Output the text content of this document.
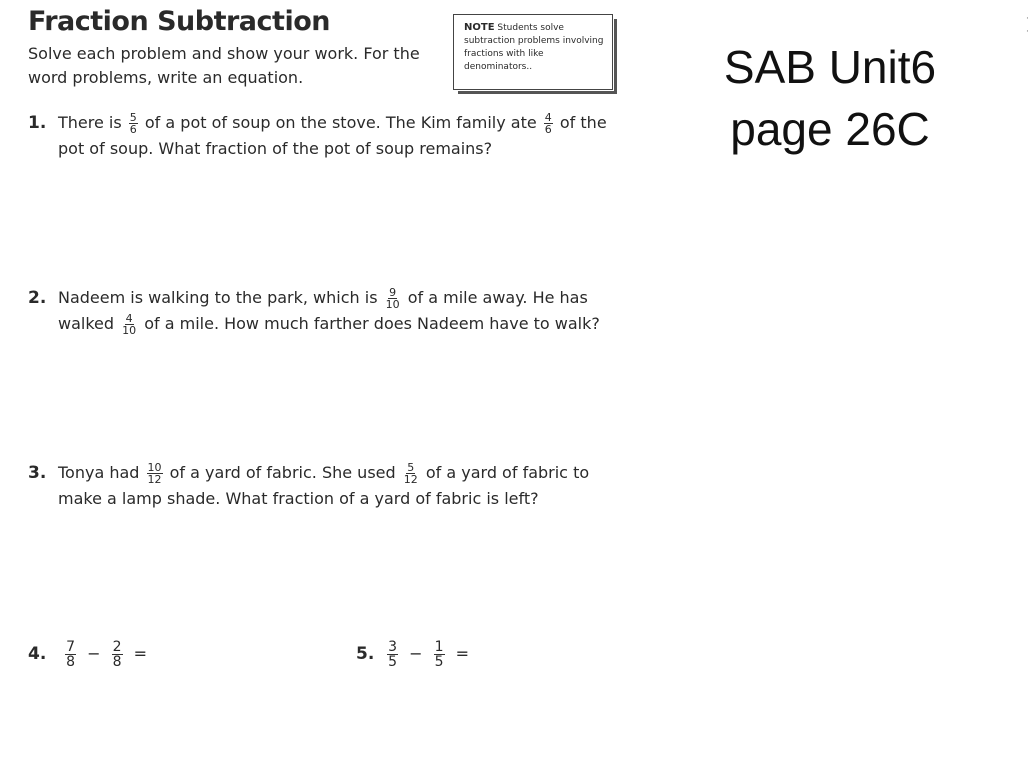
Fraction Subtraction
Solve each problem and show your work. For the word problems, write an equation.
· ·
NOTE Students solve subtraction problems involving fractions with like denominators..	SAB Unit6
page 26C
1. There is $\frac{5}{6}$ of a pot of soup on the stove. The Kim family ate $\frac{4}{6}$ of the
pot of soup. What fraction of the pot of soup remains?
2. Nadeem is walking to the park, which is $\frac{9}{10}$ of a mile away. He has
walked $\frac{4}{10}$ of a mile. How much farther does Nadeem have to walk?
3. Tonya had $\frac{10}{12}$ of a yard of fabric. She used $\frac{5}{12}$ of a yard of fabric to
make a lamp shade. What fraction of a yard of fabric is left?
4. $\frac{7}{8} - \frac{2}{8}$ =	5. $\frac{3}{5} - \frac{1}{5}$ =
